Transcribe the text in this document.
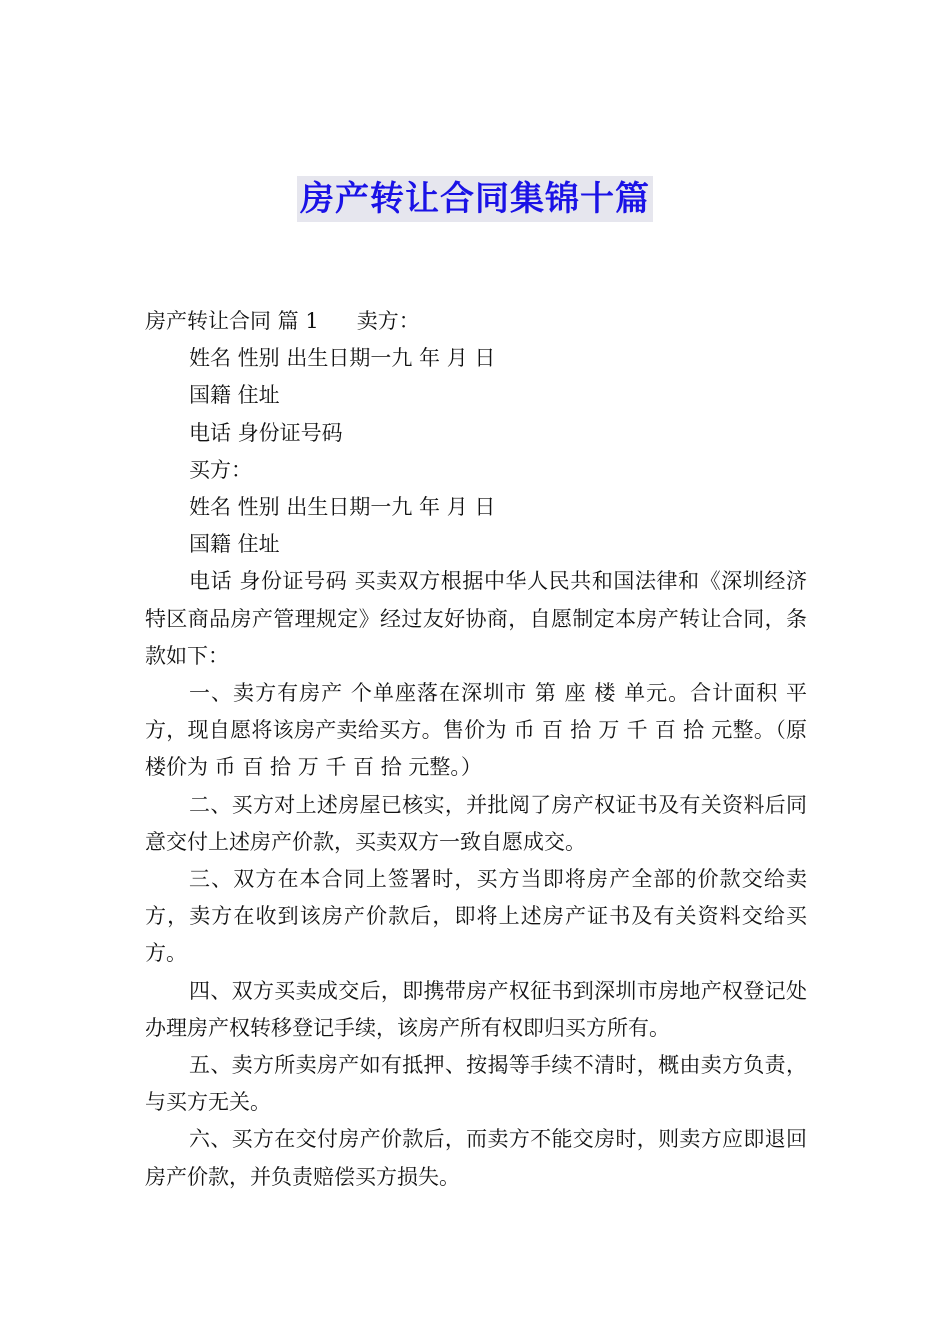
房产转让合同集锦十篇

房产转让合同 篇 1 卖方：

姓名 性别 出生日期一九 年 月 日

国籍 住址

电话 身份证号码

买方：

姓名 性别 出生日期一九 年 月 日

国籍 住址

电话 身份证号码 买卖双方根据中华人民共和国法律和《深圳经济特区商品房产管理规定》经过友好协商，自愿制定本房产转让合同，条款如下：

一、卖方有房产 个单座落在深圳市 第 座 楼 单元。合计面积 平方，现自愿将该房产卖给买方。售价为 币 百 拾 万 千 百 拾 元整。（原楼价为 币 百 拾 万 千 百 拾 元整。）

二、买方对上述房屋已核实，并批阅了房产权证书及有关资料后同意交付上述房产价款，买卖双方一致自愿成交。

三、双方在本合同上签署时，买方当即将房产全部的价款交给卖方，卖方在收到该房产价款后，即将上述房产证书及有关资料交给买方。

四、双方买卖成交后，即携带房产权征书到深圳市房地产权登记处办理房产权转移登记手续，该房产所有权即归买方所有。

五、卖方所卖房产如有抵押、按揭等手续不清时，概由卖方负责，与买方无关。

六、买方在交付房产价款后，而卖方不能交房时，则卖方应即退回房产价款，并负责赔偿买方损失。
